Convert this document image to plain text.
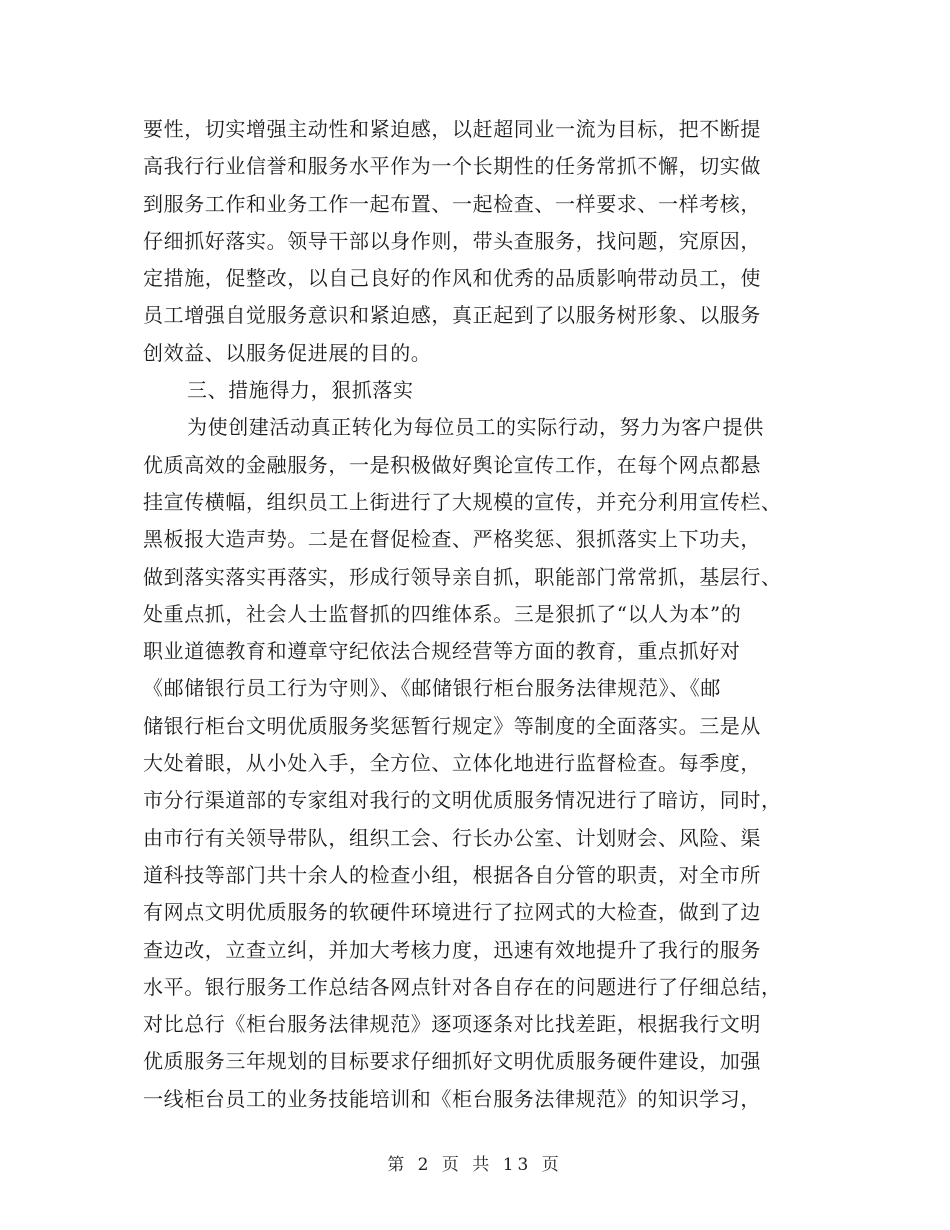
要性，切实增强主动性和紧迫感，以赶超同业一流为目标，把不断提
高我行行业信誉和服务水平作为一个长期性的任务常抓不懈，切实做
到服务工作和业务工作一起布置、一起检查、一样要求、一样考核，
仔细抓好落实。领导干部以身作则，带头查服务，找问题，究原因，
定措施，促整改，以自己良好的作风和优秀的品质影响带动员工，使
员工增强自觉服务意识和紧迫感，真正起到了以服务树形象、以服务
创效益、以服务促进展的目的。
三、措施得力，狠抓落实
为使创建活动真正转化为每位员工的实际行动，努力为客户提供
优质高效的金融服务，一是积极做好舆论宣传工作，在每个网点都悬
挂宣传横幅，组织员工上街进行了大规模的宣传，并充分利用宣传栏、
黑板报大造声势。二是在督促检查、严格奖惩、狠抓落实上下功夫，
做到落实落实再落实，形成行领导亲自抓，职能部门常常抓，基层行、
处重点抓，社会人士监督抓的四维体系。三是狠抓了“以人为本”的
职业道德教育和遵章守纪依法合规经营等方面的教育，重点抓好对
《邮储银行员工行为守则》、《邮储银行柜台服务法律规范》、《邮
储银行柜台文明优质服务奖惩暂行规定》等制度的全面落实。三是从
大处着眼，从小处入手，全方位、立体化地进行监督检查。每季度，
市分行渠道部的专家组对我行的文明优质服务情况进行了暗访，同时，
由市行有关领导带队，组织工会、行长办公室、计划财会、风险、渠
道科技等部门共十余人的检查小组，根据各自分管的职责，对全市所
有网点文明优质服务的软硬件环境进行了拉网式的大检查，做到了边
查边改，立查立纠，并加大考核力度，迅速有效地提升了我行的服务
水平。银行服务工作总结各网点针对各自存在的问题进行了仔细总结，
对比总行《柜台服务法律规范》逐项逐条对比找差距，根据我行文明
优质服务三年规划的目标要求仔细抓好文明优质服务硬件建设，加强
一线柜台员工的业务技能培训和《柜台服务法律规范》的知识学习，
第 2 页 共 13 页
